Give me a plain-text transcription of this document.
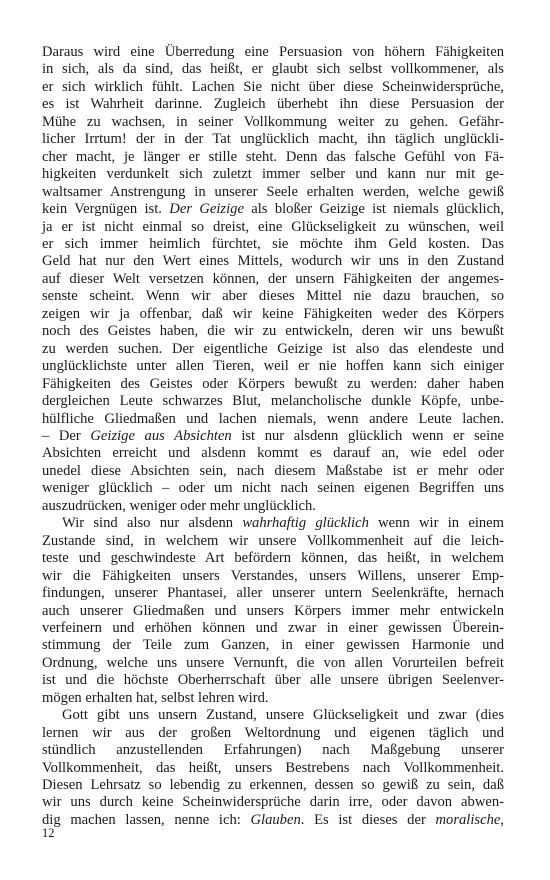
Daraus wird eine Überredung eine Persuasion von höhern Fähigkeiten
in sich, als da sind, das heißt, er glaubt sich selbst vollkommener, als
er sich wirklich fühlt. Lachen Sie nicht über diese Scheinwidersprüche,
es ist Wahrheit darinne. Zugleich überhebt ihn diese Persuasion der
Mühe zu wachsen, in seiner Vollkommung weiter zu gehen. Gefähr-
licher Irrtum! der in der Tat unglücklich macht, ihn täglich unglückli-
cher macht, je länger er stille steht. Denn das falsche Gefühl von Fä-
higkeiten verdunkelt sich zuletzt immer selber und kann nur mit ge-
waltsamer Anstrengung in unserer Seele erhalten werden, welche gewiß
kein Vergnügen ist. Der Geizige als bloßer Geizige ist niemals glücklich,
ja er ist nicht einmal so dreist, eine Glückseligkeit zu wünschen, weil
er sich immer heimlich fürchtet, sie möchte ihm Geld kosten. Das
Geld hat nur den Wert eines Mittels, wodurch wir uns in den Zustand
auf dieser Welt versetzen können, der unsern Fähigkeiten der angemes-
senste scheint. Wenn wir aber dieses Mittel nie dazu brauchen, so
zeigen wir ja offenbar, daß wir keine Fähigkeiten weder des Körpers
noch des Geistes haben, die wir zu entwickeln, deren wir uns bewußt
zu werden suchen. Der eigentliche Geizige ist also das elendeste und
unglücklichste unter allen Tieren, weil er nie hoffen kann sich einiger
Fähigkeiten des Geistes oder Körpers bewußt zu werden: daher haben
dergleichen Leute schwarzes Blut, melancholische dunkle Köpfe, unbe-
hülfliche Gliedmaßen und lachen niemals, wenn andere Leute lachen.
– Der Geizige aus Absichten ist nur alsdenn glücklich wenn er seine
Absichten erreicht und alsdenn kommt es darauf an, wie edel oder
unedel diese Absichten sein, nach diesem Maßstabe ist er mehr oder
weniger glücklich – oder um nicht nach seinen eigenen Begriffen uns
auszudrücken, weniger oder mehr unglücklich.
Wir sind also nur alsdenn wahrhaftig glücklich wenn wir in einem
Zustande sind, in welchem wir unsere Vollkommenheit auf die leich-
teste und geschwindeste Art befördern können, das heißt, in welchem
wir die Fähigkeiten unsers Verstandes, unsers Willens, unserer Emp-
findungen, unserer Phantasei, aller unserer untern Seelenkräfte, hernach
auch unserer Gliedmaßen und unsers Körpers immer mehr entwickeln
verfeinern und erhöhen können und zwar in einer gewissen Überein-
stimmung der Teile zum Ganzen, in einer gewissen Harmonie und
Ordnung, welche uns unsere Vernunft, die von allen Vorurteilen befreit
ist und die höchste Oberherrschaft über alle unsere übrigen Seelenver-
mögen erhalten hat, selbst lehren wird.
Gott gibt uns unsern Zustand, unsere Glückseligkeit und zwar (dies
lernen wir aus der großen Weltordnung und eigenen täglich und
stündlich anzustellenden Erfahrungen) nach Maßgebung unserer
Vollkommenheit, das heißt, unsers Bestrebens nach Vollkommenheit.
Diesen Lehrsatz so lebendig zu erkennen, dessen so gewiß zu sein, daß
wir uns durch keine Scheinwidersprüche darin irre, oder davon abwen-
dig machen lassen, nenne ich: Glauben. Es ist dieses der moralische,
12
